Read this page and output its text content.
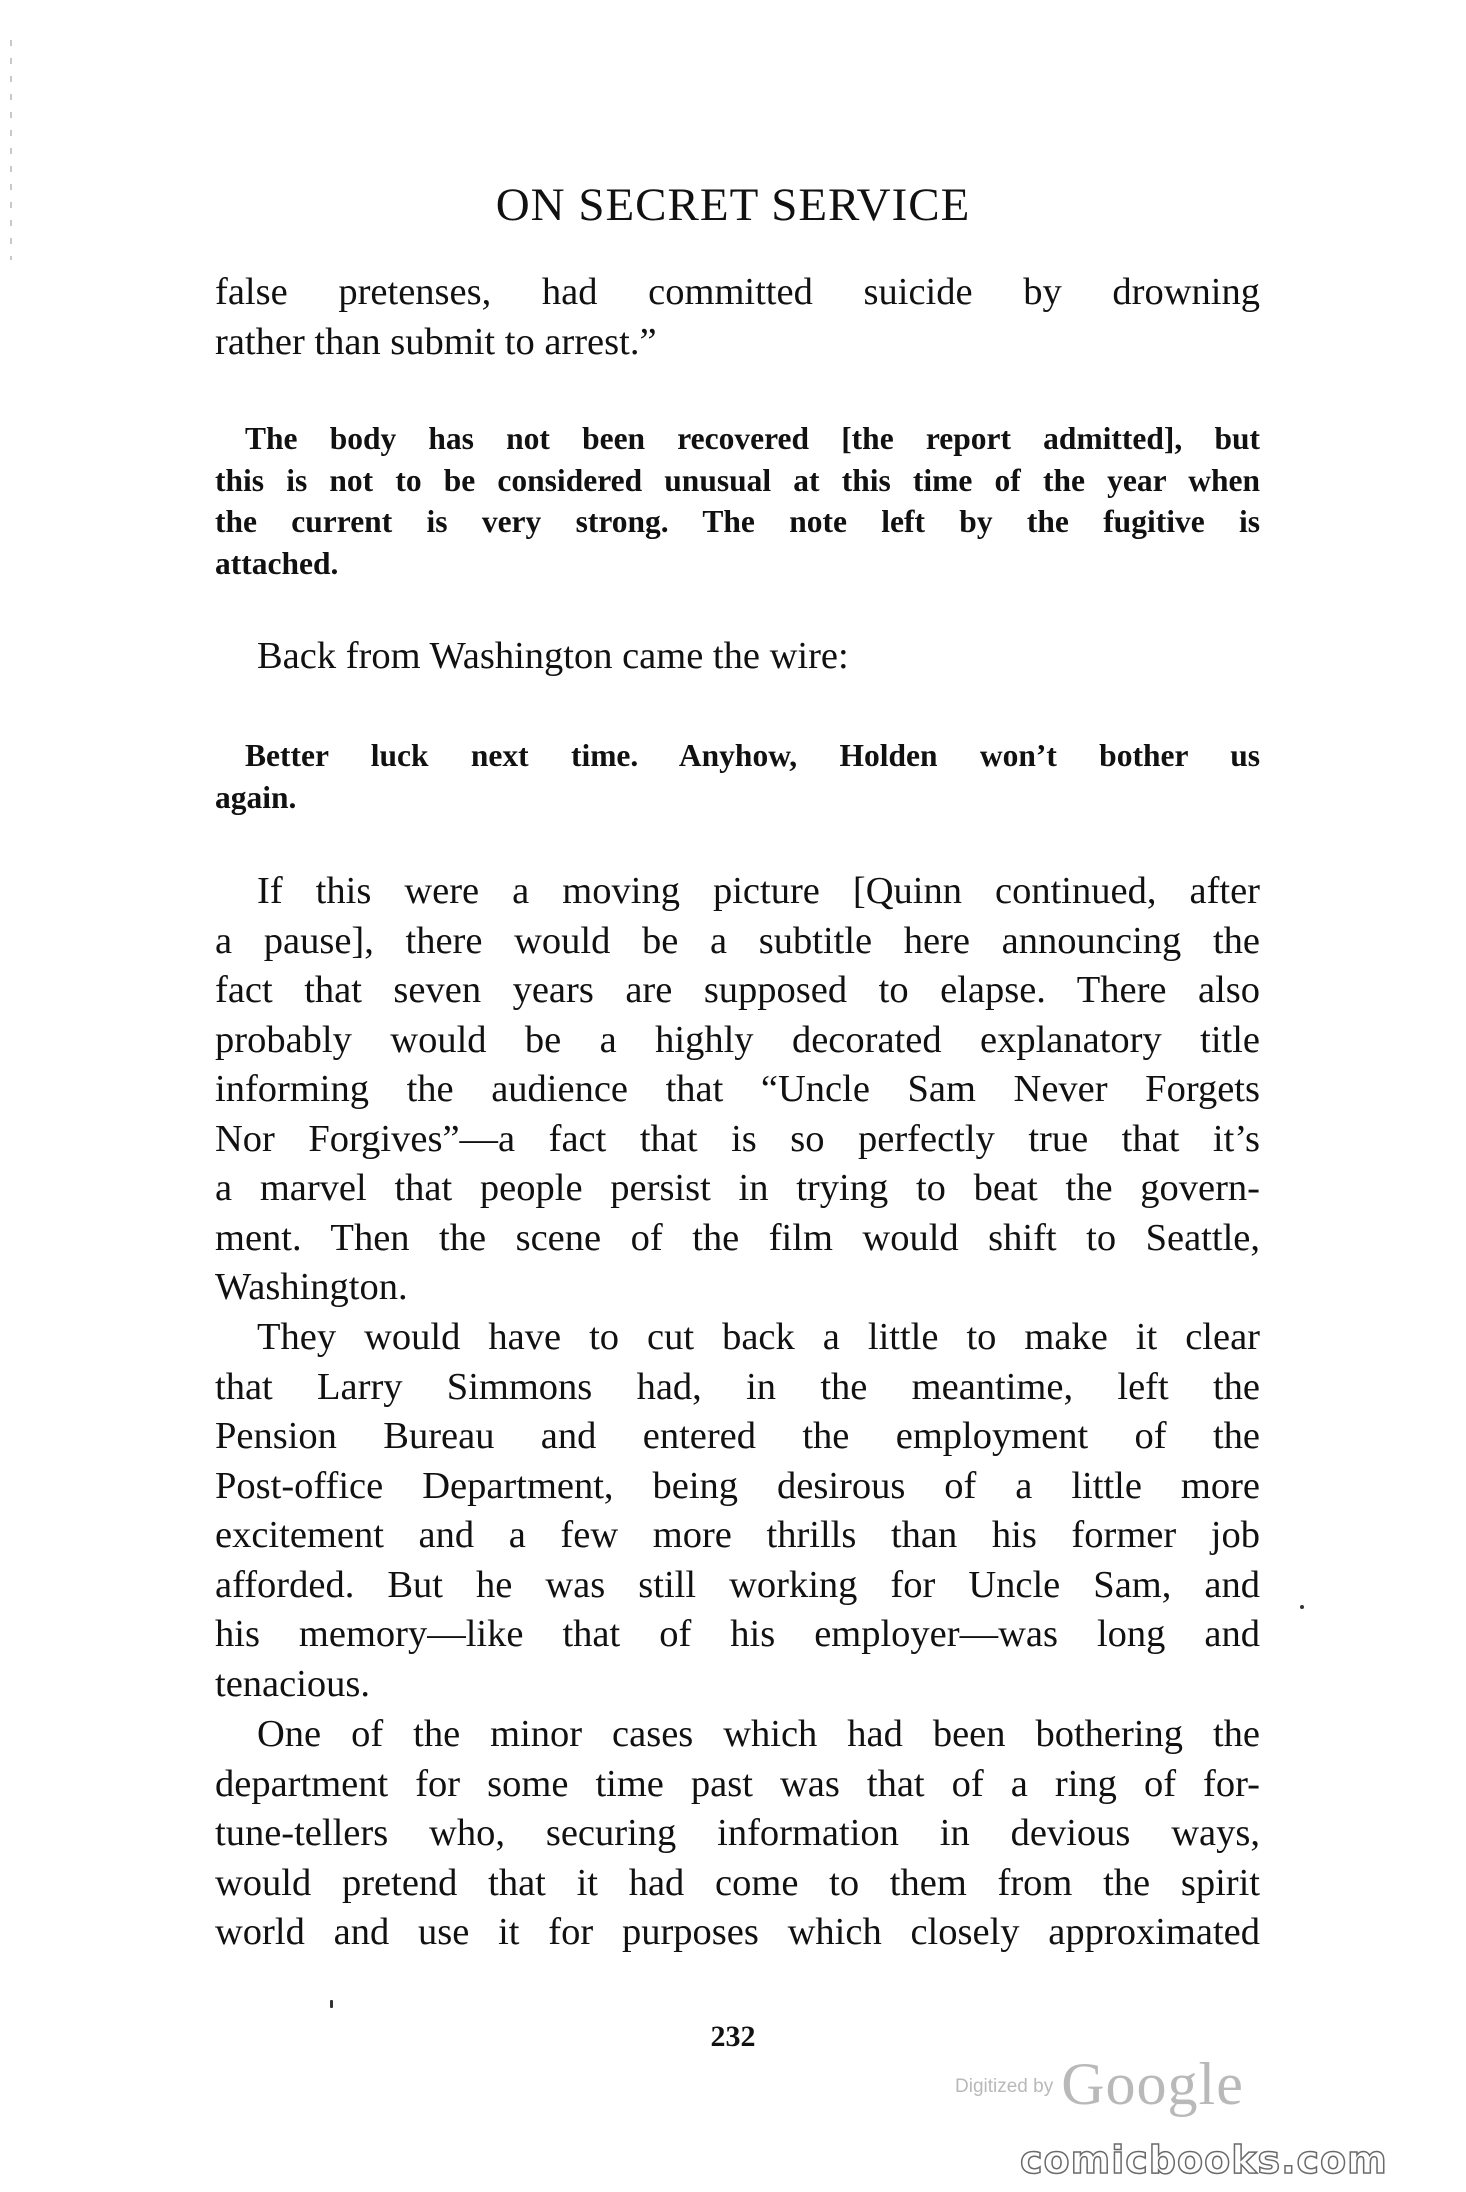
ON SECRET SERVICE

false pretenses, had committed suicide by drowning
rather than submit to arrest.”

The body has not been recovered [the report admitted], but
this is not to be considered unusual at this time of the year when
the current is very strong. The note left by the fugitive is
attached.

Back from Washington came the wire:

Better luck next time. Anyhow, Holden won’t bother us
again.

If this were a moving picture [Quinn continued, after
a pause], there would be a subtitle here announcing the
fact that seven years are supposed to elapse. There also
probably would be a highly decorated explanatory title
informing the audience that “Uncle Sam Never Forgets
Nor Forgives”—a fact that is so perfectly true that it’s
a marvel that people persist in trying to beat the govern-
ment. Then the scene of the film would shift to Seattle,
Washington.

They would have to cut back a little to make it clear
that Larry Simmons had, in the meantime, left the
Pension Bureau and entered the employment of the
Post-office Department, being desirous of a little more
excitement and a few more thrills than his former job
afforded. But he was still working for Uncle Sam, and
his memory—like that of his employer—was long and
tenacious.

One of the minor cases which had been bothering the
department for some time past was that of a ring of for-
tune-tellers who, securing information in devious ways,
would pretend that it had come to them from the spirit
world and use it for purposes which closely approximated

232
Digitized by Google
comicbooks.com
